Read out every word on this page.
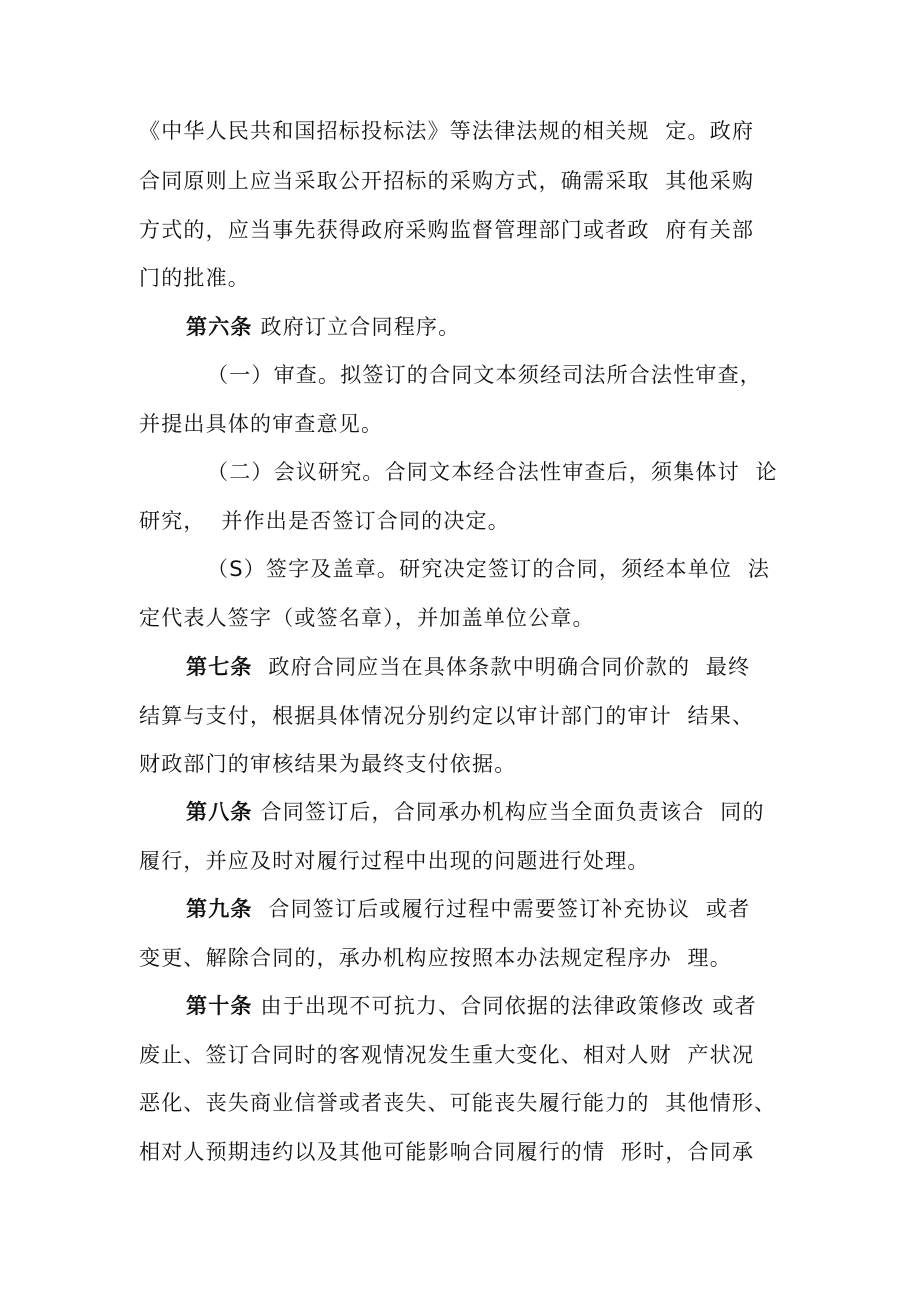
《中华人民共和国招标投标法》等法律法规的相关规  定。政府
合同原则上应当采取公开招标的采购方式，确需采取  其他采购
方式的，应当事先获得政府采购监督管理部门或者政  府有关部
门的批准。
第六条 政府订立合同程序。
（一）审查。拟签订的合同文本须经司法所合法性审查，
并提出具体的审查意见。
（二）会议研究。合同文本经合法性审查后，须集体讨  论
研究，  并作出是否签订合同的决定。
（S）签字及盖章。研究决定签订的合同，须经本单位  法
定代表人签字（或签名章），并加盖单位公章。
第七条 政府合同应当在具体条款中明确合同价款的  最终
结算与支付，根据具体情况分别约定以审计部门的审计  结果、
财政部门的审核结果为最终支付依据。
第八条 合同签订后，合同承办机构应当全面负责该合  同的
履行，并应及时对履行过程中出现的问题进行处理。
第九条 合同签订后或履行过程中需要签订补充协议  或者
变更、解除合同的，承办机构应按照本办法规定程序办  理。
第十条 由于出现不可抗力、合同依据的法律政策修改 或者
废止、签订合同时的客观情况发生重大变化、相对人财  产状况
恶化、丧失商业信誉或者丧失、可能丧失履行能力的  其他情形、
相对人预期违约以及其他可能影响合同履行的情  形时，合同承
